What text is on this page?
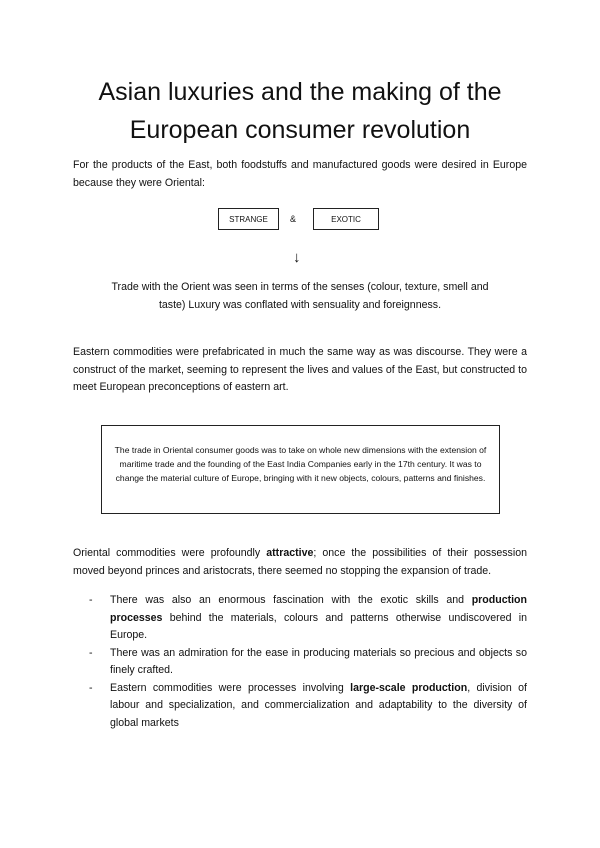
Asian luxuries and the making of the
European consumer revolution
For the products of the East, both foodstuffs and manufactured goods were desired in Europe because they were Oriental:
STRANGE	&	EXOTIC
↓
Trade with the Orient was seen in terms of the senses (colour, texture, smell and taste) Luxury was conflated with sensuality and foreignness.
Eastern commodities were prefabricated in much the same way as was discourse. They were a construct of the market, seeming to represent the lives and values of the East, but constructed to meet European preconceptions of eastern art.
The trade in Oriental consumer goods was to take on whole new dimensions with the extension of maritime trade and the founding of the East India Companies early in the 17th century. It was to change the material culture of Europe, bringing with it new objects, colours, patterns and finishes.
Oriental commodities were profoundly attractive; once the possibilities of their possession moved beyond princes and aristocrats, there seemed no stopping the expansion of trade.
- There was also an enormous fascination with the exotic skills and production processes behind the materials, colours and patterns otherwise undiscovered in Europe.
- There was an admiration for the ease in producing materials so precious and objects so finely crafted.
- Eastern commodities were processes involving large-scale production, division of labour and specialization, and commercialization and adaptability to the diversity of global markets
